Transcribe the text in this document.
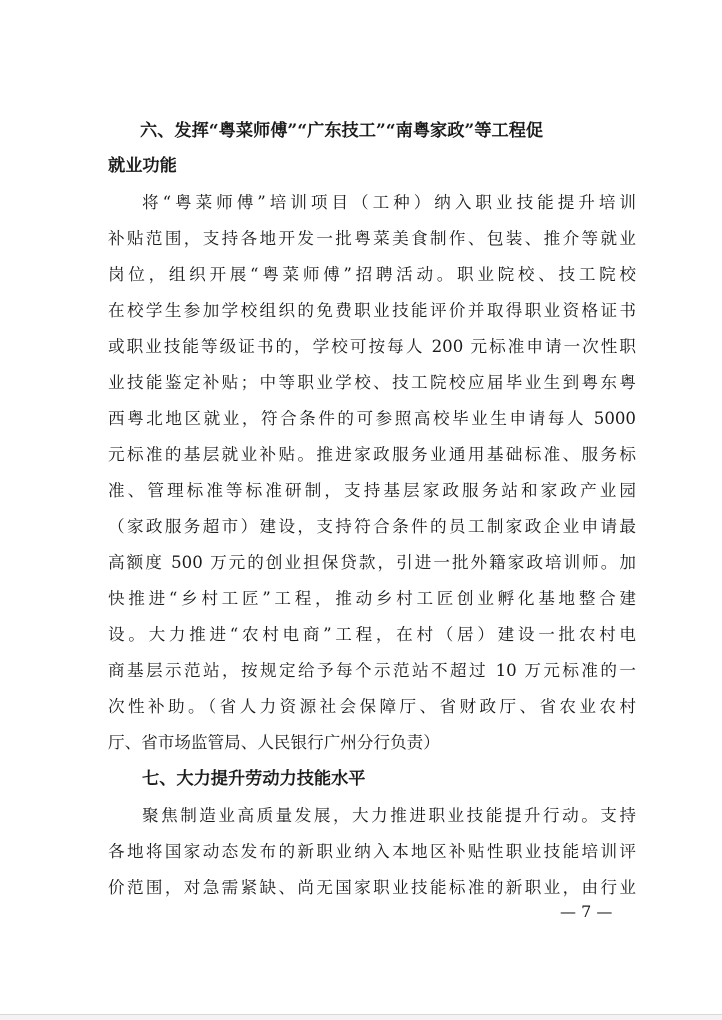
六、发挥“粤菜师傅”“广东技工”“南粤家政”等工程促
就业功能
将“粤菜师傅”培训项目（工种）纳入职业技能提升培训
补贴范围，支持各地开发一批粤菜美食制作、包装、推介等就业
岗位，组织开展“粤菜师傅”招聘活动。职业院校、技工院校
在校学生参加学校组织的免费职业技能评价并取得职业资格证书
或职业技能等级证书的，学校可按每人 200 元标准申请一次性职
业技能鉴定补贴；中等职业学校、技工院校应届毕业生到粤东粤
西粤北地区就业，符合条件的可参照高校毕业生申请每人 5000
元标准的基层就业补贴。推进家政服务业通用基础标准、服务标
准、管理标准等标准研制，支持基层家政服务站和家政产业园
（家政服务超市）建设，支持符合条件的员工制家政企业申请最
高额度 500 万元的创业担保贷款，引进一批外籍家政培训师。加
快推进“乡村工匠”工程，推动乡村工匠创业孵化基地整合建
设。大力推进“农村电商”工程，在村（居）建设一批农村电
商基层示范站，按规定给予每个示范站不超过 10 万元标准的一
次性补助。（省人力资源社会保障厅、省财政厅、省农业农村
厅、省市场监管局、人民银行广州分行负责）
七、大力提升劳动力技能水平
聚焦制造业高质量发展，大力推进职业技能提升行动。支持
各地将国家动态发布的新职业纳入本地区补贴性职业技能培训评
价范围，对急需紧缺、尚无国家职业技能标准的新职业，由行业
— 7 —
